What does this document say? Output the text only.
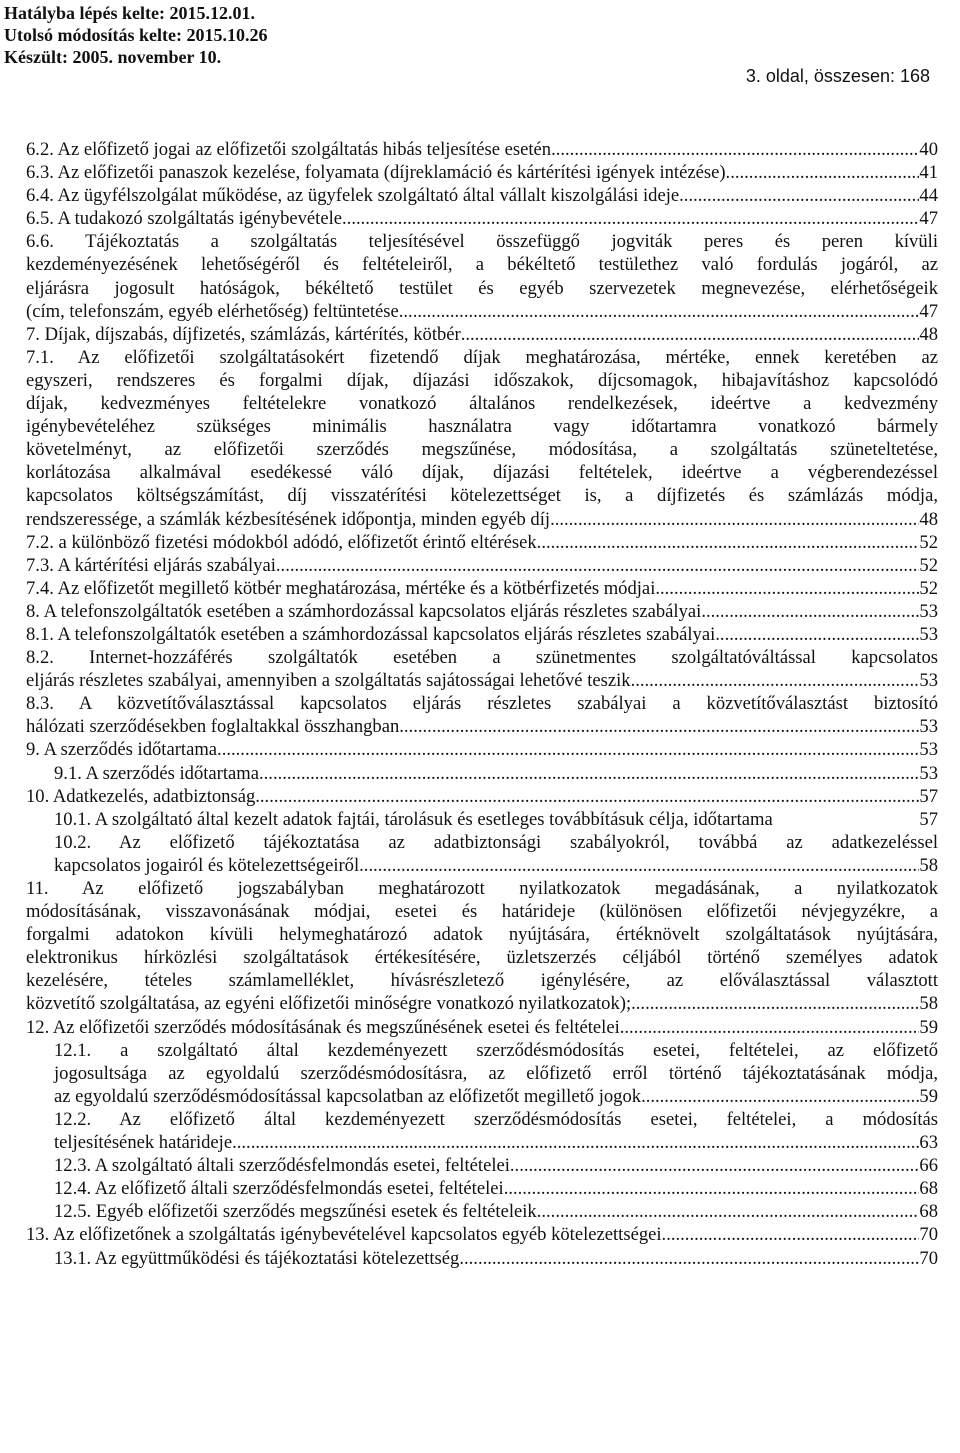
Hatályba lépés kelte: 2015.12.01.
Utolsó módosítás kelte: 2015.10.26
Készült: 2005. november 10.
3. oldal, összesen: 168
6.2. Az előfizető jogai az előfizetői szolgáltatás hibás teljesítése esetén .....	40
6.3. Az előfizetői panaszok kezelése, folyamata (díjreklamáció és kártérítési igények intézése) .....	41
6.4. Az ügyfélszolgálat működése, az ügyfelek szolgáltató által vállalt kiszolgálási ideje .....	44
6.5. A tudakozó szolgáltatás igénybevétele .....	47
6.6. Tájékoztatás a szolgáltatás teljesítésével összefüggő jogviták peres és peren kívüli
kezdeményezésének lehetőségéről és feltételeiről, a békéltető testülethez való fordulás jogáról, az
eljárásra jogosult hatóságok, békéltető testület és egyéb szervezetek megnevezése, elérhetőségeik
(cím, telefonszám, egyéb elérhetőség) feltüntetése .....	47
7. Díjak, díjszabás, díjfizetés, számlázás, kártérítés, kötbér .....	48
7.1. Az előfizetői szolgáltatásokért fizetendő díjak meghatározása, mértéke, ennek keretében az
egyszeri, rendszeres és forgalmi díjak, díjazási időszakok, díjcsomagok, hibajavításhoz kapcsolódó
díjak, kedvezményes feltételekre vonatkozó általános rendelkezések, ideértve a kedvezmény
igénybevételéhez szükséges minimális használatra vagy időtartamra vonatkozó bármely
követelményt, az előfizetői szerződés megszűnése, módosítása, a szolgáltatás szüneteltetése,
korlátozása alkalmával esedékessé váló díjak, díjazási feltételek, ideértve a végberendezéssel
kapcsolatos költségszámítást, díj visszatérítési kötelezettséget is, a díjfizetés és számlázás módja,
rendszeressége, a számlák kézbesítésének időpontja, minden egyéb díj .....	48
7.2. a különböző fizetési módokból adódó, előfizetőt érintő eltérések .....	52
7.3. A kártérítési eljárás szabályai .....	52
7.4. Az előfizetőt megillető kötbér meghatározása, mértéke és a kötbérfizetés módjai .....	52
8. A telefonszolgáltatók esetében a számhordozással kapcsolatos eljárás részletes szabályai .....	53
8.1. A telefonszolgáltatók esetében a számhordozással kapcsolatos eljárás részletes szabályai .....	53
8.2. Internet-hozzáférés szolgáltatók esetében a szünetmentes szolgáltatóváltással kapcsolatos
eljárás részletes szabályai, amennyiben a szolgáltatás sajátosságai lehetővé teszik .....	53
8.3. A közvetítőválasztással kapcsolatos eljárás részletes szabályai a közvetítőválasztást biztosító
hálózati szerződésekben foglaltakkal összhangban .....	53
9. A szerződés időtartama .....	53
9.1. A szerződés időtartama .....	53
10. Adatkezelés, adatbiztonság .....	57
10.1. A szolgáltató által kezelt adatok fajtái, tárolásuk és esetleges továbbításuk célja, időtartama	57
10.2. Az előfizető tájékoztatása az adatbiztonsági szabályokról, továbbá az adatkezeléssel
kapcsolatos jogairól és kötelezettségeiről .....	58
11. Az előfizető jogszabályban meghatározott nyilatkozatok megadásának, a nyilatkozatok
módosításának, visszavonásának módjai, esetei és határideje (különösen előfizetői névjegyzékre, a
forgalmi adatokon kívüli helymeghatározó adatok nyújtására, értéknövelt szolgáltatások nyújtására,
elektronikus hírközlési szolgáltatások értékesítésére, üzletszerzés céljából történő személyes adatok
kezelésére, tételes számlamelléklet, hívásrészletező igénylésére, az előválasztással választott
közvetítő szolgáltatása, az egyéni előfizetői minőségre vonatkozó nyilatkozatok); .....	58
12. Az előfizetői szerződés módosításának és megszűnésének esetei és feltételei .....	59
12.1. a szolgáltató által kezdeményezett szerződésmódosítás esetei, feltételei, az előfizető
jogosultsága az egyoldalú szerződésmódosításra, az előfizető erről történő tájékoztatásának módja,
az egyoldalú szerződésmódosítással kapcsolatban az előfizetőt megillető jogok .....	59
12.2. Az előfizető által kezdeményezett szerződésmódosítás esetei, feltételei, a módosítás
teljesítésének határideje .....	63
12.3. A szolgáltató általi szerződésfelmondás esetei, feltételei .....	66
12.4. Az előfizető általi szerződésfelmondás esetei, feltételei .....	68
12.5. Egyéb előfizetői szerződés megszűnési esetek és feltételeik .....	68
13. Az előfizetőnek a szolgáltatás igénybevételével kapcsolatos egyéb kötelezettségei .....	70
13.1. Az együttműködési és tájékoztatási kötelezettség .....	70
